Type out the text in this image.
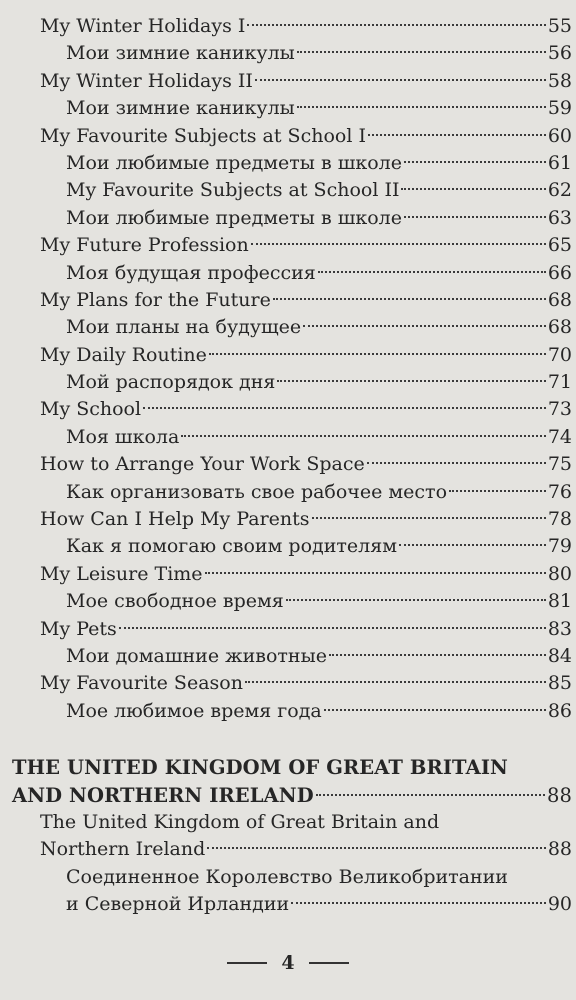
My Winter Holidays I	55
Мои зимние каникулы	56
My Winter Holidays II	58
Мои зимние каникулы	59
My Favourite Subjects at School I	60
Мои любимые предметы в школе	61
My Favourite Subjects at School II	62
Мои любимые предметы в школе	63
My Future Profession	65
Моя будущая профессия	66
My Plans for the Future	68
Мои планы на будущее	68
My Daily Routine	70
Мой распорядок дня	71
My School	73
Моя школа	74
How to Arrange Your Work Space	75
Как организовать свое рабочее место	76
How Can I Help My Parents	78
Как я помогаю своим родителям	79
My Leisure Time	80
Мое свободное время	81
My Pets	83
Мои домашние животные	84
My Favourite Season	85
Мое любимое время года	86
THE UNITED KINGDOM OF GREAT BRITAIN
AND NORTHERN IRELAND	88
The United Kingdom of Great Britain and
Northern Ireland	88
Соединенное Королевство Великобритании
и Северной Ирландии	90
4
